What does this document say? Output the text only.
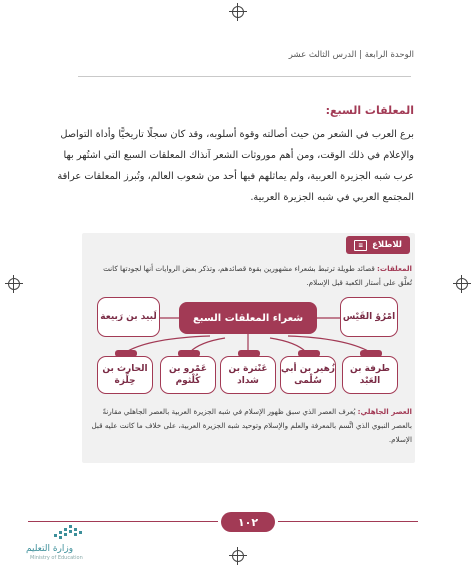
الوحدة الرابعة | الدرس الثالث عشر
المعلقات السبع:
برع العرب في الشعر من حيث أصالته وقوة أسلوبه، وقد كان سجلًا تاريخيًّا وأداة التواصل والإعلام في ذلك الوقت، ومن أهم موروثات الشعر آنذاك المعلقات السبع التي اشتُهر بها عرب شبه الجزيرة العربية، ولم يماثلهم فيها أحد من شعوب العالم، وتُبرز المعلقات عراقة المجتمع العربي في شبه الجزيرة العربية.
للاطلاع
≡
المعلقات: قصائد طويلة ترتبط بشعراء مشهورين بقوة قصائدهم، وتذكر بعض الروايات أنها لجودتها كانت تُعلَّق على أستار الكعبة قبل الإسلام.
لَبيد بن رَبيعة	شعراء المعلقات السبع	امْرُؤ القَيْس
الحارث بن حِلِّزة
عَمْرو بن كُلْثوم
عَنْترة بن شداد
زُهير بن أبي سُلْمى
طرفة بن العَبْد
العصر الجاهلي: يُعرف العصر الذي سبق ظهور الإسلام في شبه الجزيرة العربية بالعصر الجاهلي مقارنةً بالعصر النبوي الذي اتَّسم بالمعرفة والعلم والإسلام وتوحيد شبه الجزيرة العربية، على خلاف ما كانت عليه قبل الإسلام.
١٠٢
وزارة التعليم
Ministry of Education
